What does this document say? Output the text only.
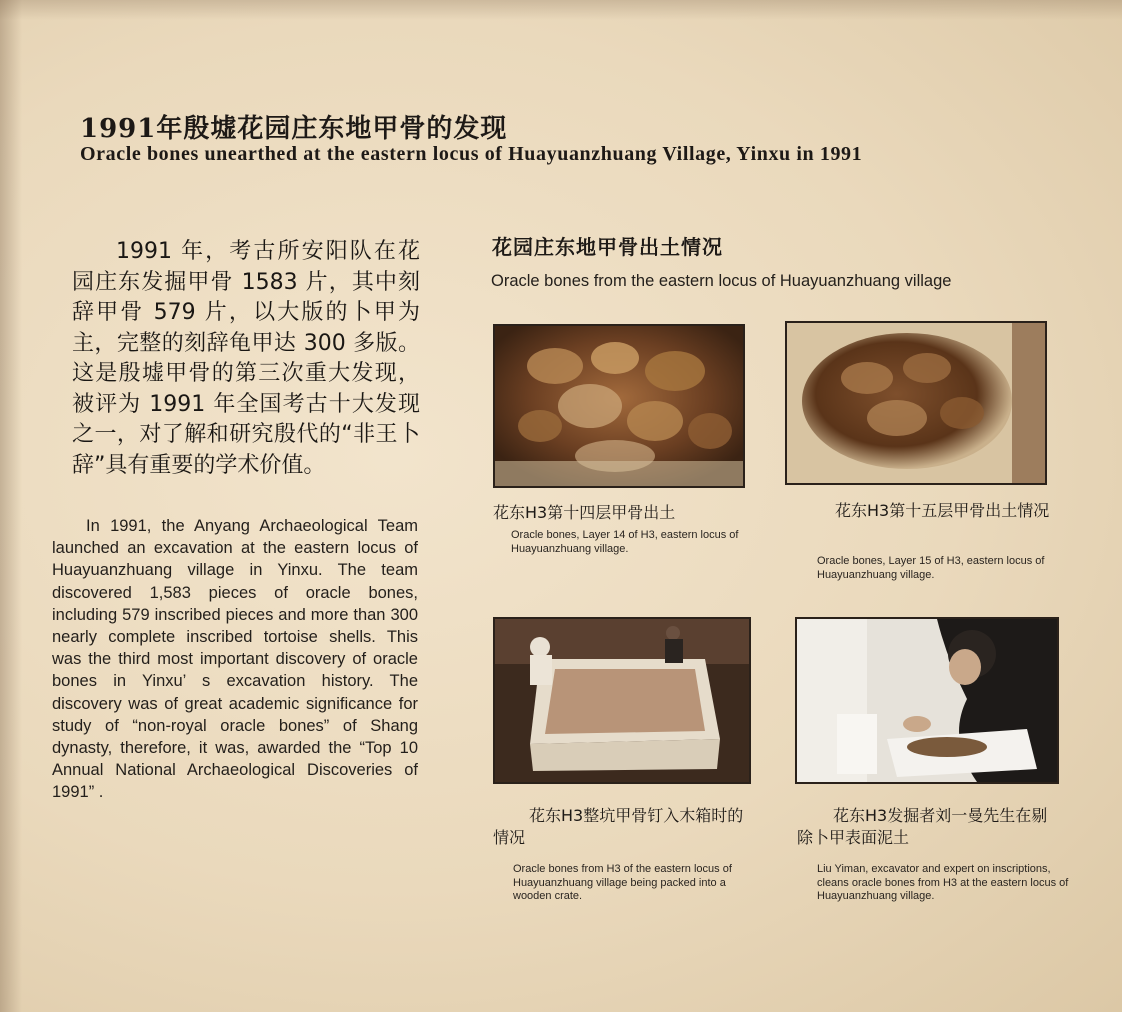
1991年殷墟花园庄东地甲骨的发现
Oracle bones unearthed at the eastern locus of Huayuanzhuang Village, Yinxu in 1991

1991 年，考古所安阳队在花园庄东发掘甲骨 1583 片，其中刻辞甲骨 579 片，以大版的卜甲为主，完整的刻辞龟甲达 300 多版。这是殷墟甲骨的第三次重大发现，被评为 1991 年全国考古十大发现之一，对了解和研究殷代的“非王卜辞”具有重要的学术价值。

In 1991, the Anyang Archaeological Team launched an excavation at the eastern locus of Huayuanzhuang village in Yinxu. The team discovered 1,583 pieces of oracle bones, including 579 inscribed pieces and more than 300 nearly complete inscribed tortoise shells. This was the third most important discovery of oracle bones in Yinxu’ s excavation history. The discovery was of great academic significance for study of “non-royal oracle bones” of Shang dynasty, therefore, it was, awarded the “Top 10 Annual National Archaeological Discoveries of 1991” .

花园庄东地甲骨出土情况
Oracle bones from the eastern locus of Huayuanzhuang village
花东H3第十四层甲骨出土
Oracle bones, Layer 14 of H3, eastern locus of Huayuanzhuang village.
花东H3第十五层甲骨出土情况
Oracle bones, Layer 15 of H3, eastern locus of Huayuanzhuang village.
花东H3整坑甲骨钉入木箱时的情况
Oracle bones from H3 of the eastern locus of Huayuanzhuang village being packed into a wooden crate.
花东H3发掘者刘一曼先生在剔除卜甲表面泥土
Liu Yiman, excavator and expert on inscriptions, cleans oracle bones from H3 at the eastern locus of Huayuanzhuang village.
